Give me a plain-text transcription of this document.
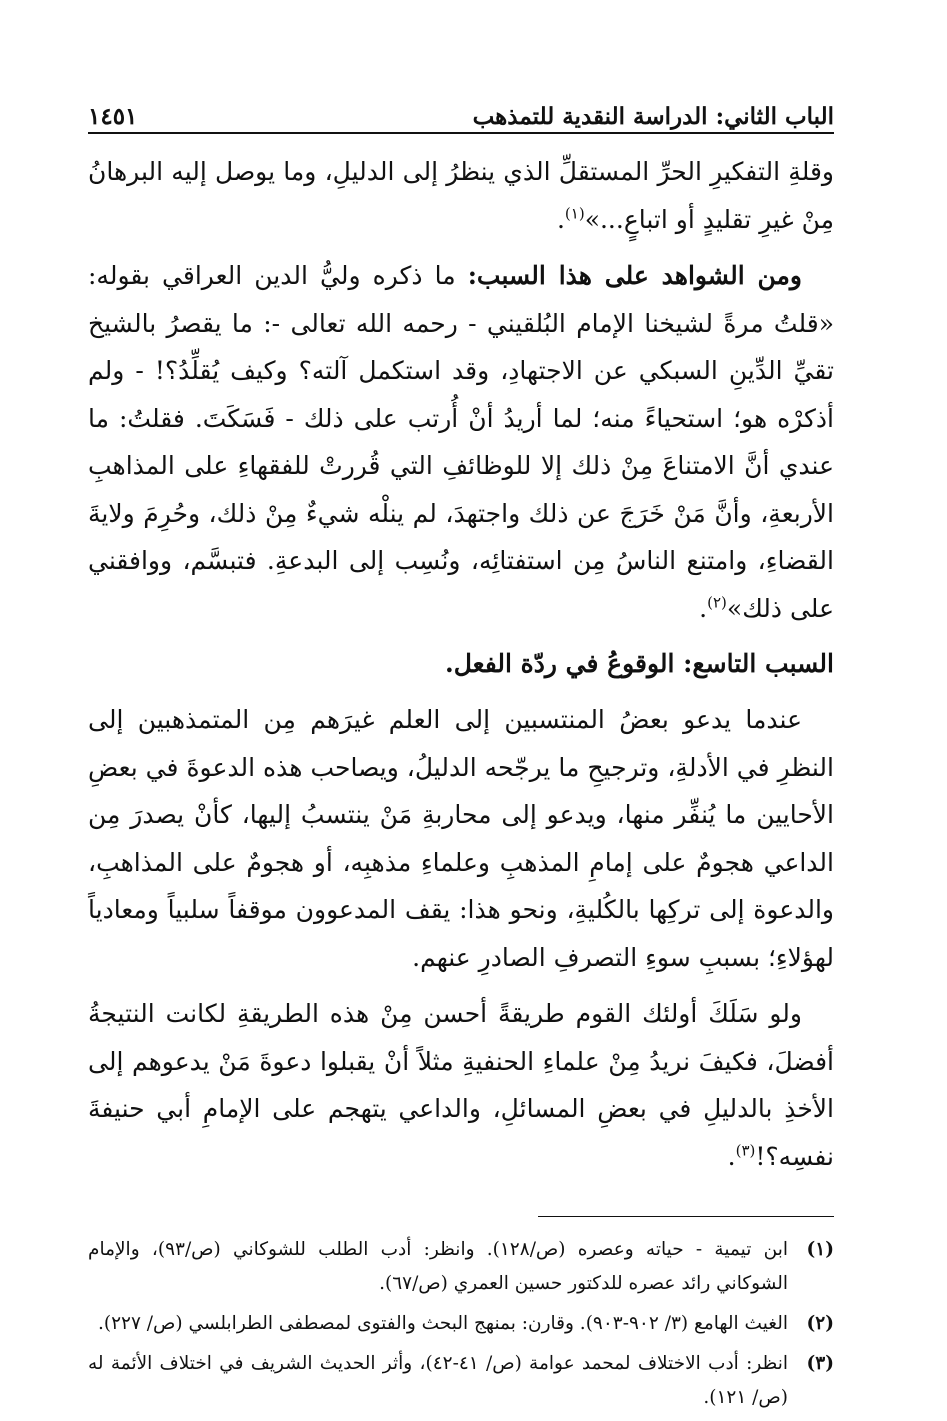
الباب الثاني: الدراسة النقدية للتمذهب
١٤٥١

وقلةِ التفكيرِ الحرِّ المستقلِّ الذي ينظرُ إلى الدليلِ، وما يوصل إليه البرهانُ مِنْ غيرِ تقليدٍ أو اتباعٍ...»$^{(١)}$.

ومن الشواهد على هذا السبب: ما ذكره وليُّ الدين العراقي بقوله: «قلتُ مرةً لشيخنا الإمام البُلقيني - رحمه الله تعالى -: ما يقصرُ بالشيخ تقيِّ الدِّينِ السبكي عن الاجتهادِ، وقد استكمل آلته؟ وكيف يُقلِّدُ؟! - ولم أذكرْه هو؛ استحياءً منه؛ لما أريدُ أنْ أُرتب على ذلك - فَسَكَتَ. فقلتُ: ما عندي أنَّ الامتناعَ مِنْ ذلك إلا للوظائفِ التي قُررتْ للفقهاءِ على المذاهبِ الأربعةِ، وأنَّ مَنْ خَرَجَ عن ذلك واجتهدَ، لم ينلْه شيءٌ مِنْ ذلك، وحُرِمَ ولايةَ القضاءِ، وامتنع الناسُ مِن استفتائِه، ونُسِب إلى البدعةِ. فتبسَّم، ووافقني على ذلك»$^{(٢)}$.

السبب التاسع: الوقوعُ في ردّة الفعل.

عندما يدعو بعضُ المنتسبين إلى العلم غيرَهم مِن المتمذهبين إلى النظرِ في الأدلةِ، وترجيحِ ما يرجّحه الدليلُ، ويصاحب هذه الدعوةَ في بعضِ الأحايين ما يُنفِّر منها، ويدعو إلى محاربةِ مَنْ ينتسبُ إليها، كأنْ يصدرَ مِن الداعي هجومٌ على إمامِ المذهبِ وعلماءِ مذهبِه، أو هجومٌ على المذاهبِ، والدعوة إلى تركِها بالكُليةِ، ونحو هذا: يقف المدعوون موقفاً سلبياً ومعادياً لهؤلاءِ؛ بسببِ سوءِ التصرفِ الصادرِ عنهم.

ولو سَلَكَ أولئك القوم طريقةً أحسن مِنْ هذه الطريقةِ لكانت النتيجةُ أفضلَ، فكيفَ نريدُ مِنْ علماءِ الحنفيةِ مثلاً أنْ يقبلوا دعوةَ مَنْ يدعوهم إلى الأخذِ بالدليلِ في بعضِ المسائلِ، والداعي يتهجم على الإمامِ أبي حنيفةَ نفسِه؟!$^{(٣)}$.

(١)
ابن تيمية - حياته وعصره (ص/١٢٨). وانظر: أدب الطلب للشوكاني (ص/٩٣)، والإمام الشوكاني رائد عصره للدكتور حسين العمري (ص/٦٧).
(٢)
الغيث الهامع (٣/ ٩٠٢-٩٠٣). وقارن: بمنهج البحث والفتوى لمصطفى الطرابلسي (ص/ ٢٢٧).
(٣)
انظر: أدب الاختلاف لمحمد عوامة (ص/ ٤١-٤٢)، وأثر الحديث الشريف في اختلاف الأئمة له (ص/ ١٢١).
